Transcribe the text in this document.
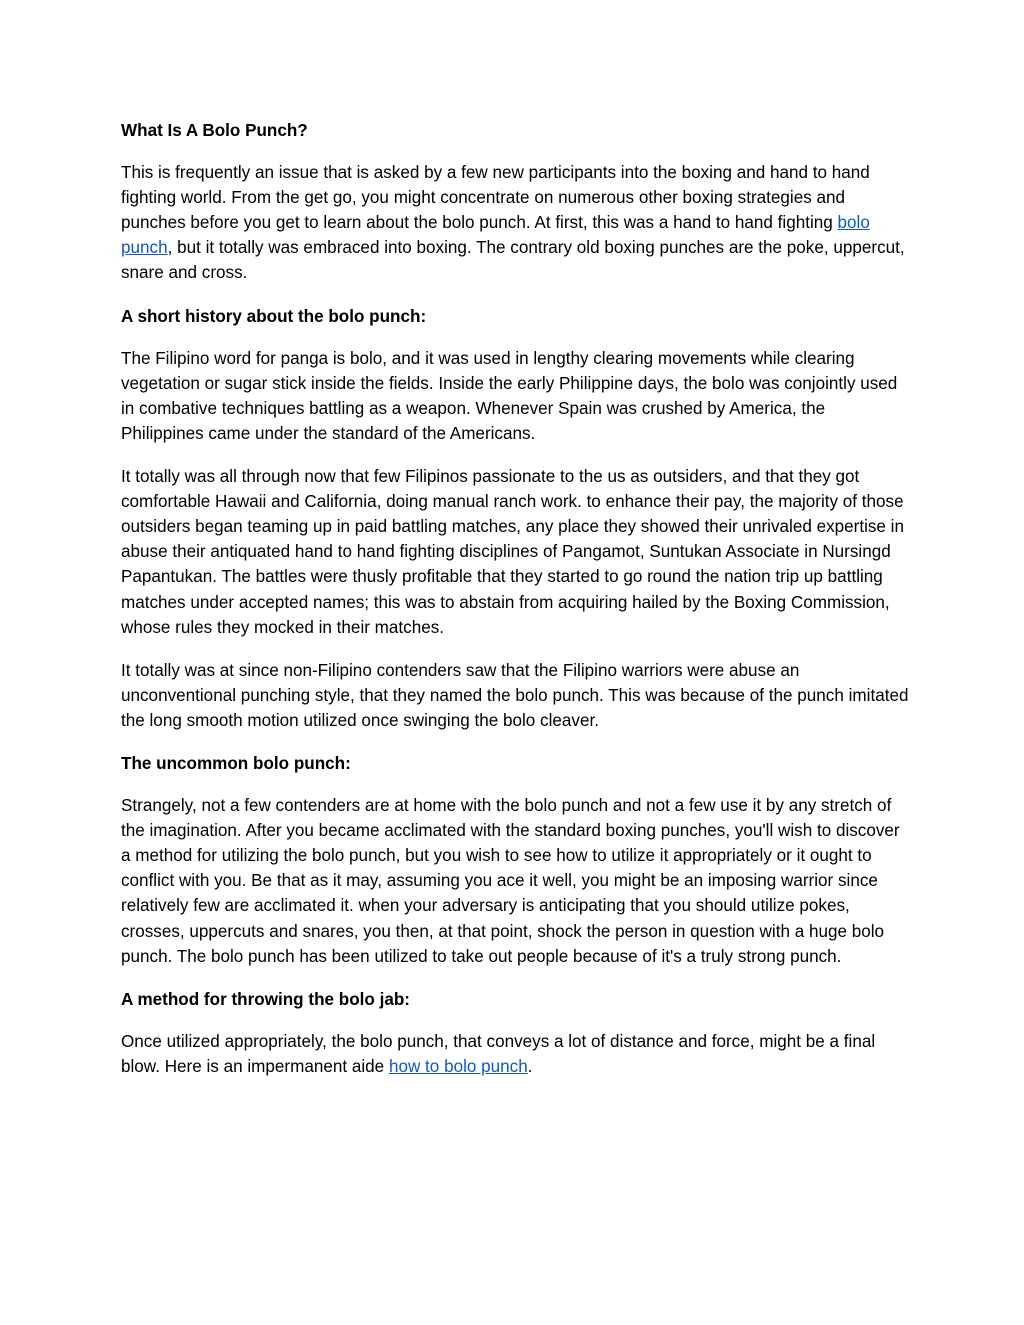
What Is A Bolo Punch?
This is frequently an issue that is asked by a few new participants into the boxing and hand to hand fighting world. From the get go, you might concentrate on numerous other boxing strategies and punches before you get to learn about the bolo punch. At first, this was a hand to hand fighting bolo punch, but it totally was embraced into boxing. The contrary old boxing punches are the poke, uppercut, snare and cross.
A short history about the bolo punch:
The Filipino word for panga is bolo, and it was used in lengthy clearing movements while clearing vegetation or sugar stick inside the fields. Inside the early Philippine days, the bolo was conjointly used in combative techniques battling as a weapon. Whenever Spain was crushed by America, the Philippines came under the standard of the Americans.
It totally was all through now that few Filipinos passionate to the us as outsiders, and that they got comfortable Hawaii and California, doing manual ranch work. to enhance their pay, the majority of those outsiders began teaming up in paid battling matches, any place they showed their unrivaled expertise in abuse their antiquated hand to hand fighting disciplines of Pangamot, Suntukan Associate in Nursingd Papantukan. The battles were thusly profitable that they started to go round the nation trip up battling matches under accepted names; this was to abstain from acquiring hailed by the Boxing Commission, whose rules they mocked in their matches.
It totally was at since non-Filipino contenders saw that the Filipino warriors were abuse an unconventional punching style, that they named the bolo punch. This was because of the punch imitated the long smooth motion utilized once swinging the bolo cleaver.
The uncommon bolo punch:
Strangely, not a few contenders are at home with the bolo punch and not a few use it by any stretch of the imagination. After you became acclimated with the standard boxing punches, you'll wish to discover a method for utilizing the bolo punch, but you wish to see how to utilize it appropriately or it ought to conflict with you. Be that as it may, assuming you ace it well, you might be an imposing warrior since relatively few are acclimated it. when your adversary is anticipating that you should utilize pokes, crosses, uppercuts and snares, you then, at that point, shock the person in question with a huge bolo punch. The bolo punch has been utilized to take out people because of it's a truly strong punch.
A method for throwing the bolo jab:
Once utilized appropriately, the bolo punch, that conveys a lot of distance and force, might be a final blow. Here is an impermanent aide how to bolo punch.
